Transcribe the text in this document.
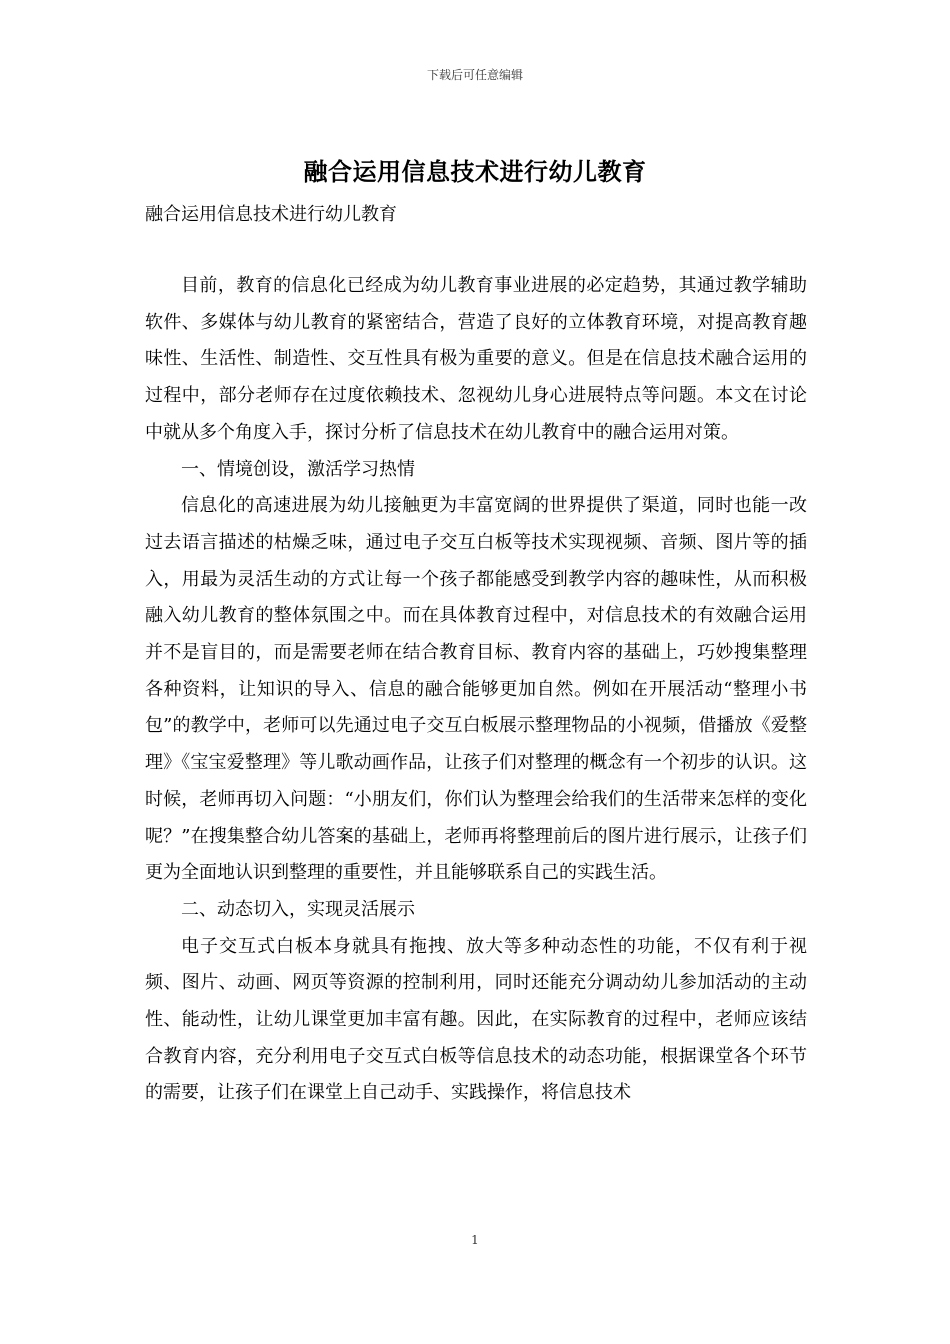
下载后可任意编辑
融合运用信息技术进行幼儿教育
融合运用信息技术进行幼儿教育

目前，教育的信息化已经成为幼儿教育事业进展的必定趋势，其通过教学辅助软件、多媒体与幼儿教育的紧密结合，营造了良好的立体教育环境，对提高教育趣味性、生活性、制造性、交互性具有极为重要的意义。但是在信息技术融合运用的过程中，部分老师存在过度依赖技术、忽视幼儿身心进展特点等问题。本文在讨论中就从多个角度入手，探讨分析了信息技术在幼儿教育中的融合运用对策。

一、情境创设，激活学习热情

信息化的高速进展为幼儿接触更为丰富宽阔的世界提供了渠道，同时也能一改过去语言描述的枯燥乏味，通过电子交互白板等技术实现视频、音频、图片等的插入，用最为灵活生动的方式让每一个孩子都能感受到教学内容的趣味性，从而积极融入幼儿教育的整体氛围之中。而在具体教育过程中，对信息技术的有效融合运用并不是盲目的，而是需要老师在结合教育目标、教育内容的基础上，巧妙搜集整理各种资料，让知识的导入、信息的融合能够更加自然。例如在开展活动“整理小书包”的教学中，老师可以先通过电子交互白板展示整理物品的小视频，借播放《爱整理》《宝宝爱整理》等儿歌动画作品，让孩子们对整理的概念有一个初步的认识。这时候，老师再切入问题：“小朋友们，你们认为整理会给我们的生活带来怎样的变化呢？”在搜集整合幼儿答案的基础上，老师再将整理前后的图片进行展示，让孩子们更为全面地认识到整理的重要性，并且能够联系自己的实践生活。

二、动态切入，实现灵活展示

电子交互式白板本身就具有拖拽、放大等多种动态性的功能，不仅有利于视频、图片、动画、网页等资源的控制利用，同时还能充分调动幼儿参加活动的主动性、能动性，让幼儿课堂更加丰富有趣。因此，在实际教育的过程中，老师应该结合教育内容，充分利用电子交互式白板等信息技术的动态功能，根据课堂各个环节的需要，让孩子们在课堂上自己动手、实践操作，将信息技术

1
